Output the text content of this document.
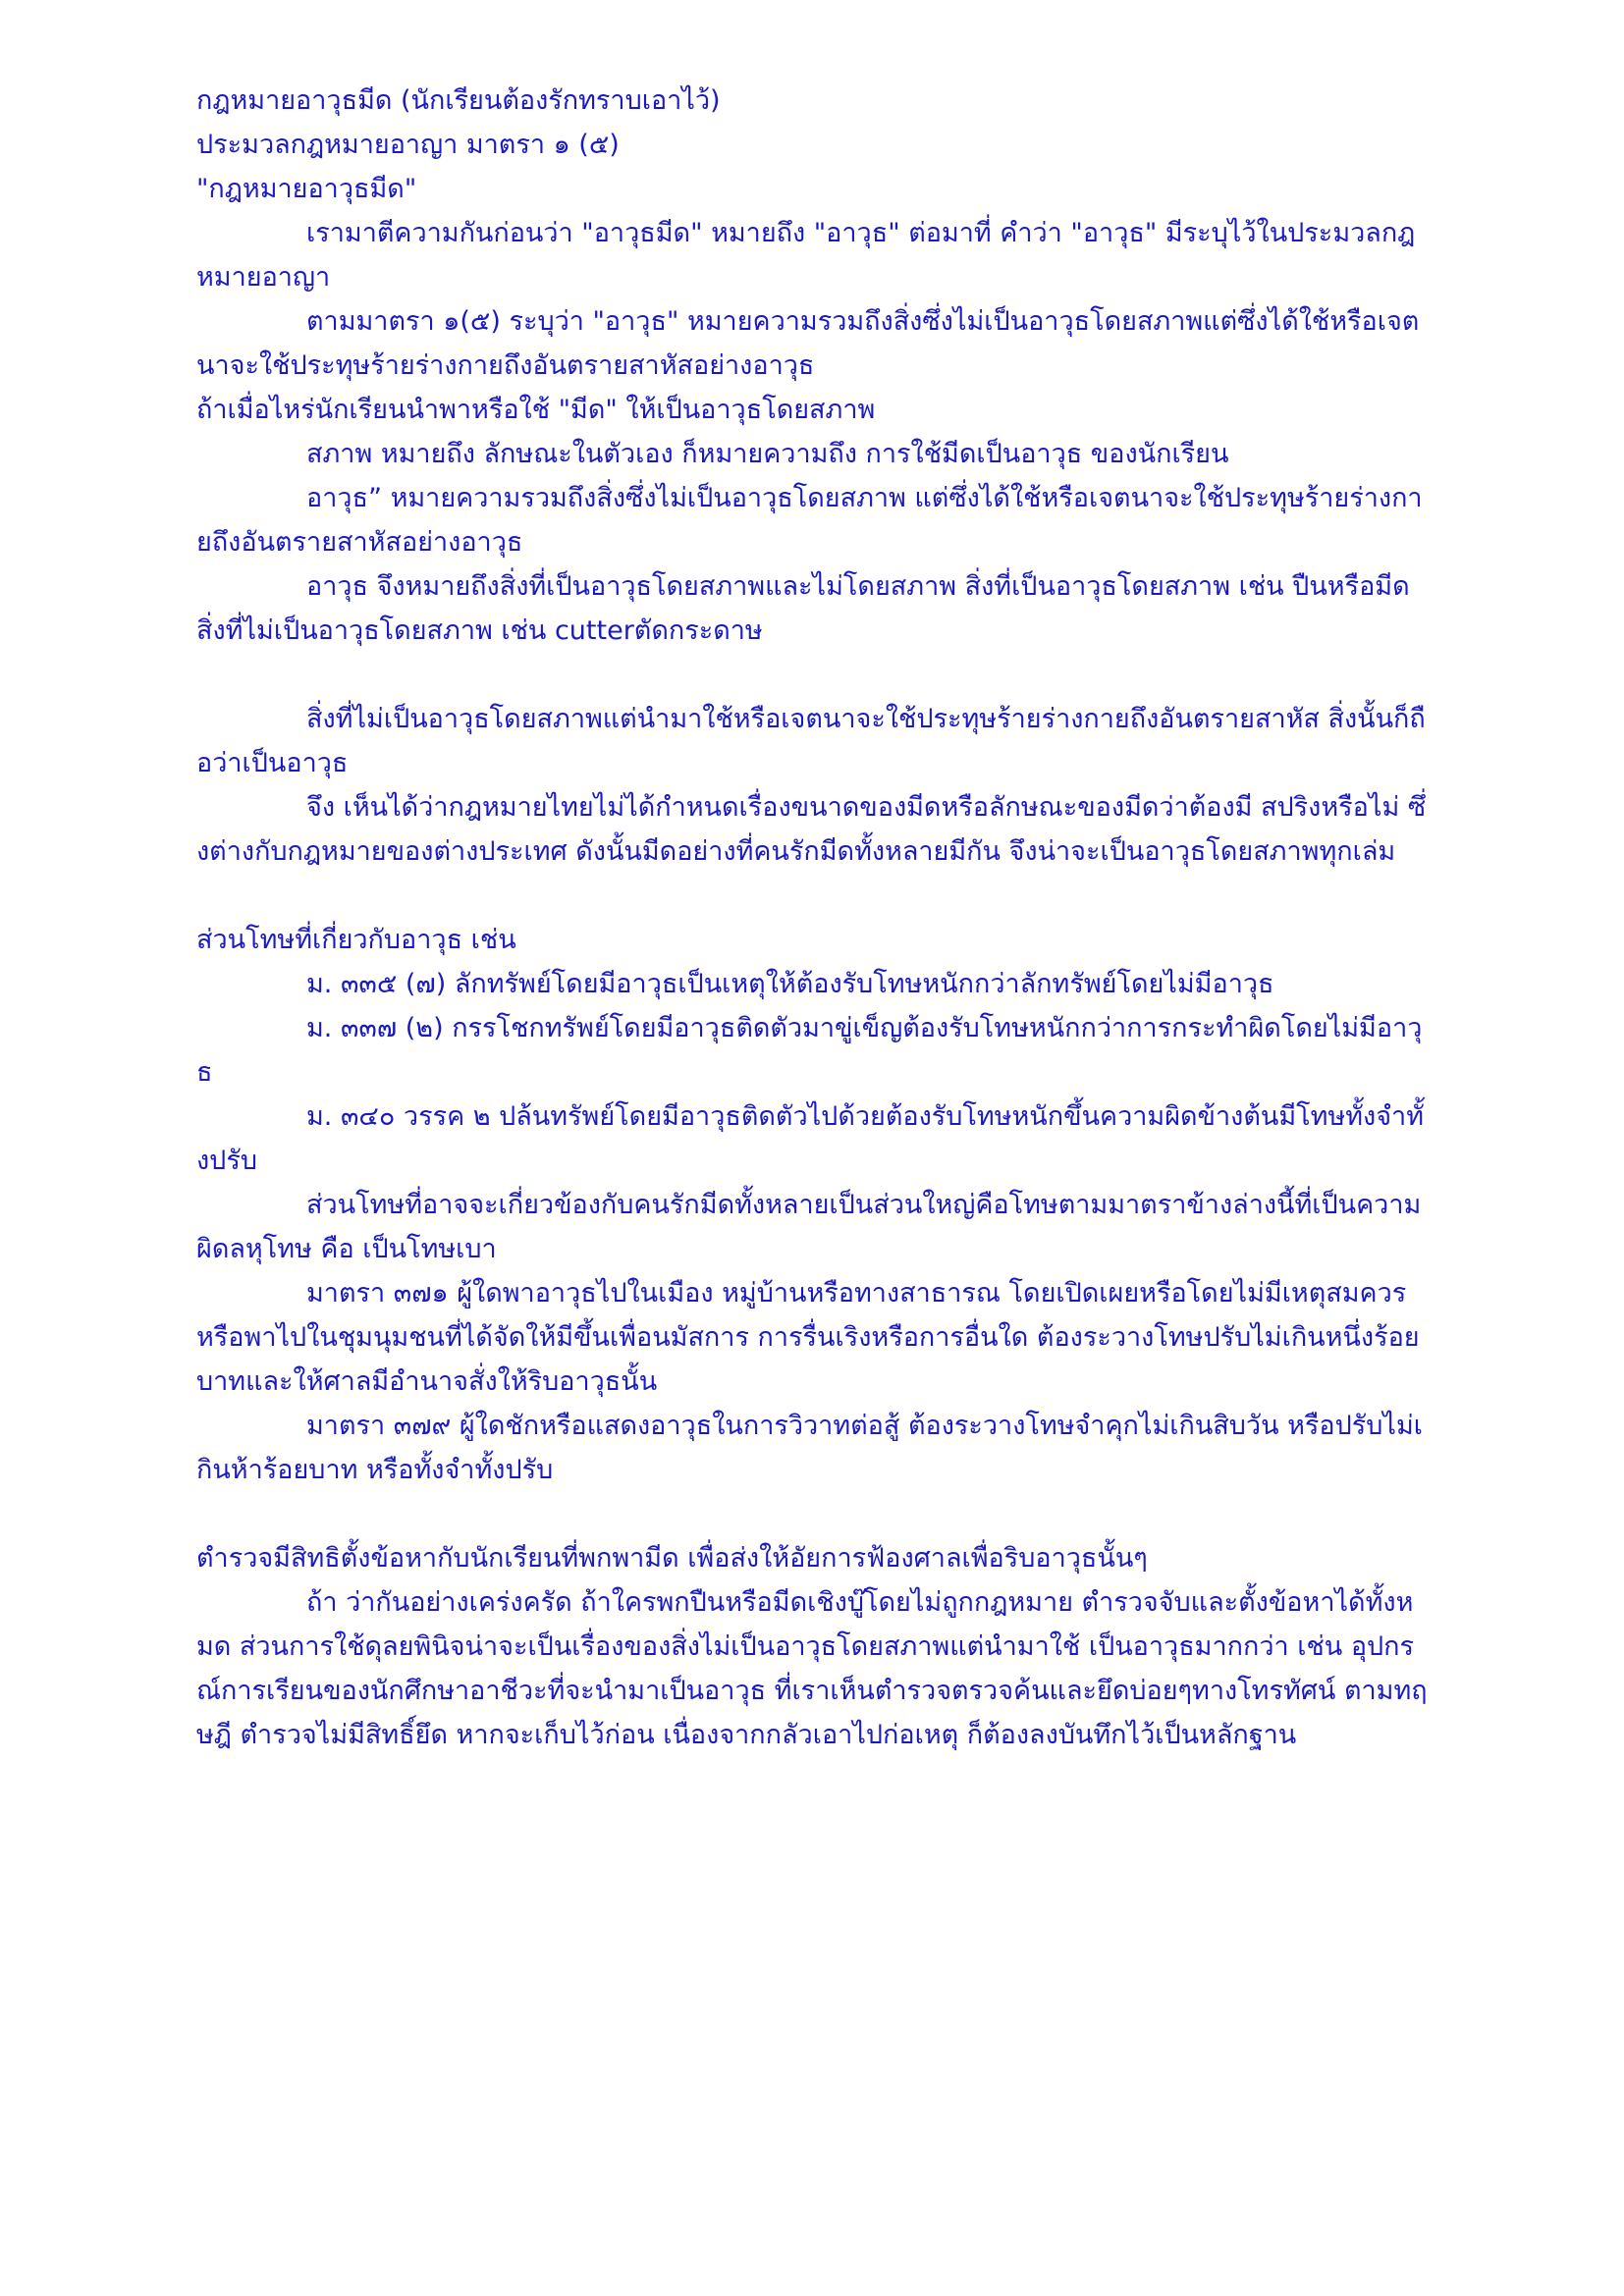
กฎหมายอาวุธมีด (นักเรียนต้องรักทราบเอาไว้)

ประมวลกฎหมายอาญา มาตรา ๑ (๕)

"กฎหมายอาวุธมีด"

เรามาตีความกันก่อนว่า "อาวุธมีด" หมายถึง "อาวุธ" ต่อมาที่ คำว่า "อาวุธ" มีระบุไว้ในประมวลกฎหมายอาญา

ตามมาตรา ๑(๕) ระบุว่า "อาวุธ" หมายความรวมถึงสิ่งซึ่งไม่เป็นอาวุธโดยสภาพแต่ซึ่งได้ใช้หรือเจตนาจะใช้ประทุษร้ายร่างกายถึงอันตรายสาหัสอย่างอาวุธ

ถ้าเมื่อไหร่นักเรียนนำพาหรือใช้ "มีด" ให้เป็นอาวุธโดยสภาพ

สภาพ หมายถึง ลักษณะในตัวเอง ก็หมายความถึง การใช้มีดเป็นอาวุธ ของนักเรียน

อาวุธ” หมายความรวมถึงสิ่งซึ่งไม่เป็นอาวุธโดยสภาพ แต่ซึ่งได้ใช้หรือเจตนาจะใช้ประทุษร้ายร่างกายถึงอันตรายสาหัสอย่างอาวุธ

อาวุธ จึงหมายถึงสิ่งที่เป็นอาวุธโดยสภาพและไม่โดยสภาพ สิ่งที่เป็นอาวุธโดยสภาพ เช่น ปืนหรือมีด สิ่งที่ไม่เป็นอาวุธโดยสภาพ เช่น cutterตัดกระดาษ

สิ่งที่ไม่เป็นอาวุธโดยสภาพแต่นำมาใช้หรือเจตนาจะใช้ประทุษร้ายร่างกายถึงอันตรายสาหัส สิ่งนั้นก็ถือว่าเป็นอาวุธ

จึง เห็นได้ว่ากฎหมายไทยไม่ได้กำหนดเรื่องขนาดของมีดหรือลักษณะของมีดว่าต้องมี สปริงหรือไม่ ซึ่งต่างกับกฎหมายของต่างประเทศ ดังนั้นมีดอย่างที่คนรักมีดทั้งหลายมีกัน จึงน่าจะเป็นอาวุธโดยสภาพทุกเล่ม

ส่วนโทษที่เกี่ยวกับอาวุธ เช่น

ม. ๓๓๕ (๗) ลักทรัพย์โดยมีอาวุธเป็นเหตุให้ต้องรับโทษหนักกว่าลักทรัพย์โดยไม่มีอาวุธ

ม. ๓๓๗ (๒) กรรโชกทรัพย์โดยมีอาวุธติดตัวมาขู่เข็ญต้องรับโทษหนักกว่าการกระทำผิดโดยไม่มีอาวุธ

ม. ๓๔๐ วรรค ๒ ปล้นทรัพย์โดยมีอาวุธติดตัวไปด้วยต้องรับโทษหนักขึ้นความผิดข้างต้นมีโทษทั้งจำทั้งปรับ

ส่วนโทษที่อาจจะเกี่ยวข้องกับคนรักมีดทั้งหลายเป็นส่วนใหญ่คือโทษตามมาตราข้างล่างนี้ที่เป็นความผิดลหุโทษ คือ เป็นโทษเบา

มาตรา ๓๗๑ ผู้ใดพาอาวุธไปในเมือง หมู่บ้านหรือทางสาธารณ โดยเปิดเผยหรือโดยไม่มีเหตุสมควร หรือพาไปในชุมนุมชนที่ได้จัดให้มีขึ้นเพื่อนมัสการ การรื่นเริงหรือการอื่นใด ต้องระวางโทษปรับไม่เกินหนึ่งร้อยบาทและให้ศาลมีอำนาจสั่งให้ริบอาวุธนั้น

มาตรา ๓๗๙ ผู้ใดชักหรือแสดงอาวุธในการวิวาทต่อสู้ ต้องระวางโทษจำคุกไม่เกินสิบวัน หรือปรับไม่เกินห้าร้อยบาท หรือทั้งจำทั้งปรับ

ตำรวจมีสิทธิตั้งข้อหากับนักเรียนที่พกพามีด เพื่อส่งให้อัยการฟ้องศาลเพื่อริบอาวุธนั้นๆ

ถ้า ว่ากันอย่างเคร่งครัด ถ้าใครพกปืนหรือมีดเชิงบู๊โดยไม่ถูกกฎหมาย ตำรวจจับและตั้งข้อหาได้ทั้งหมด ส่วนการใช้ดุลยพินิจน่าจะเป็นเรื่องของสิ่งไม่เป็นอาวุธโดยสภาพแต่นำมาใช้ เป็นอาวุธมากกว่า เช่น อุปกรณ์การเรียนของนักศึกษาอาชีวะที่จะนำมาเป็นอาวุธ ที่เราเห็นตำรวจตรวจค้นและยึดบ่อยๆทางโทรทัศน์ ตามทฤษฎี ตำรวจไม่มีสิทธิ์ยึด หากจะเก็บไว้ก่อน เนื่องจากกลัวเอาไปก่อเหตุ ก็ต้องลงบันทึกไว้เป็นหลักฐาน
